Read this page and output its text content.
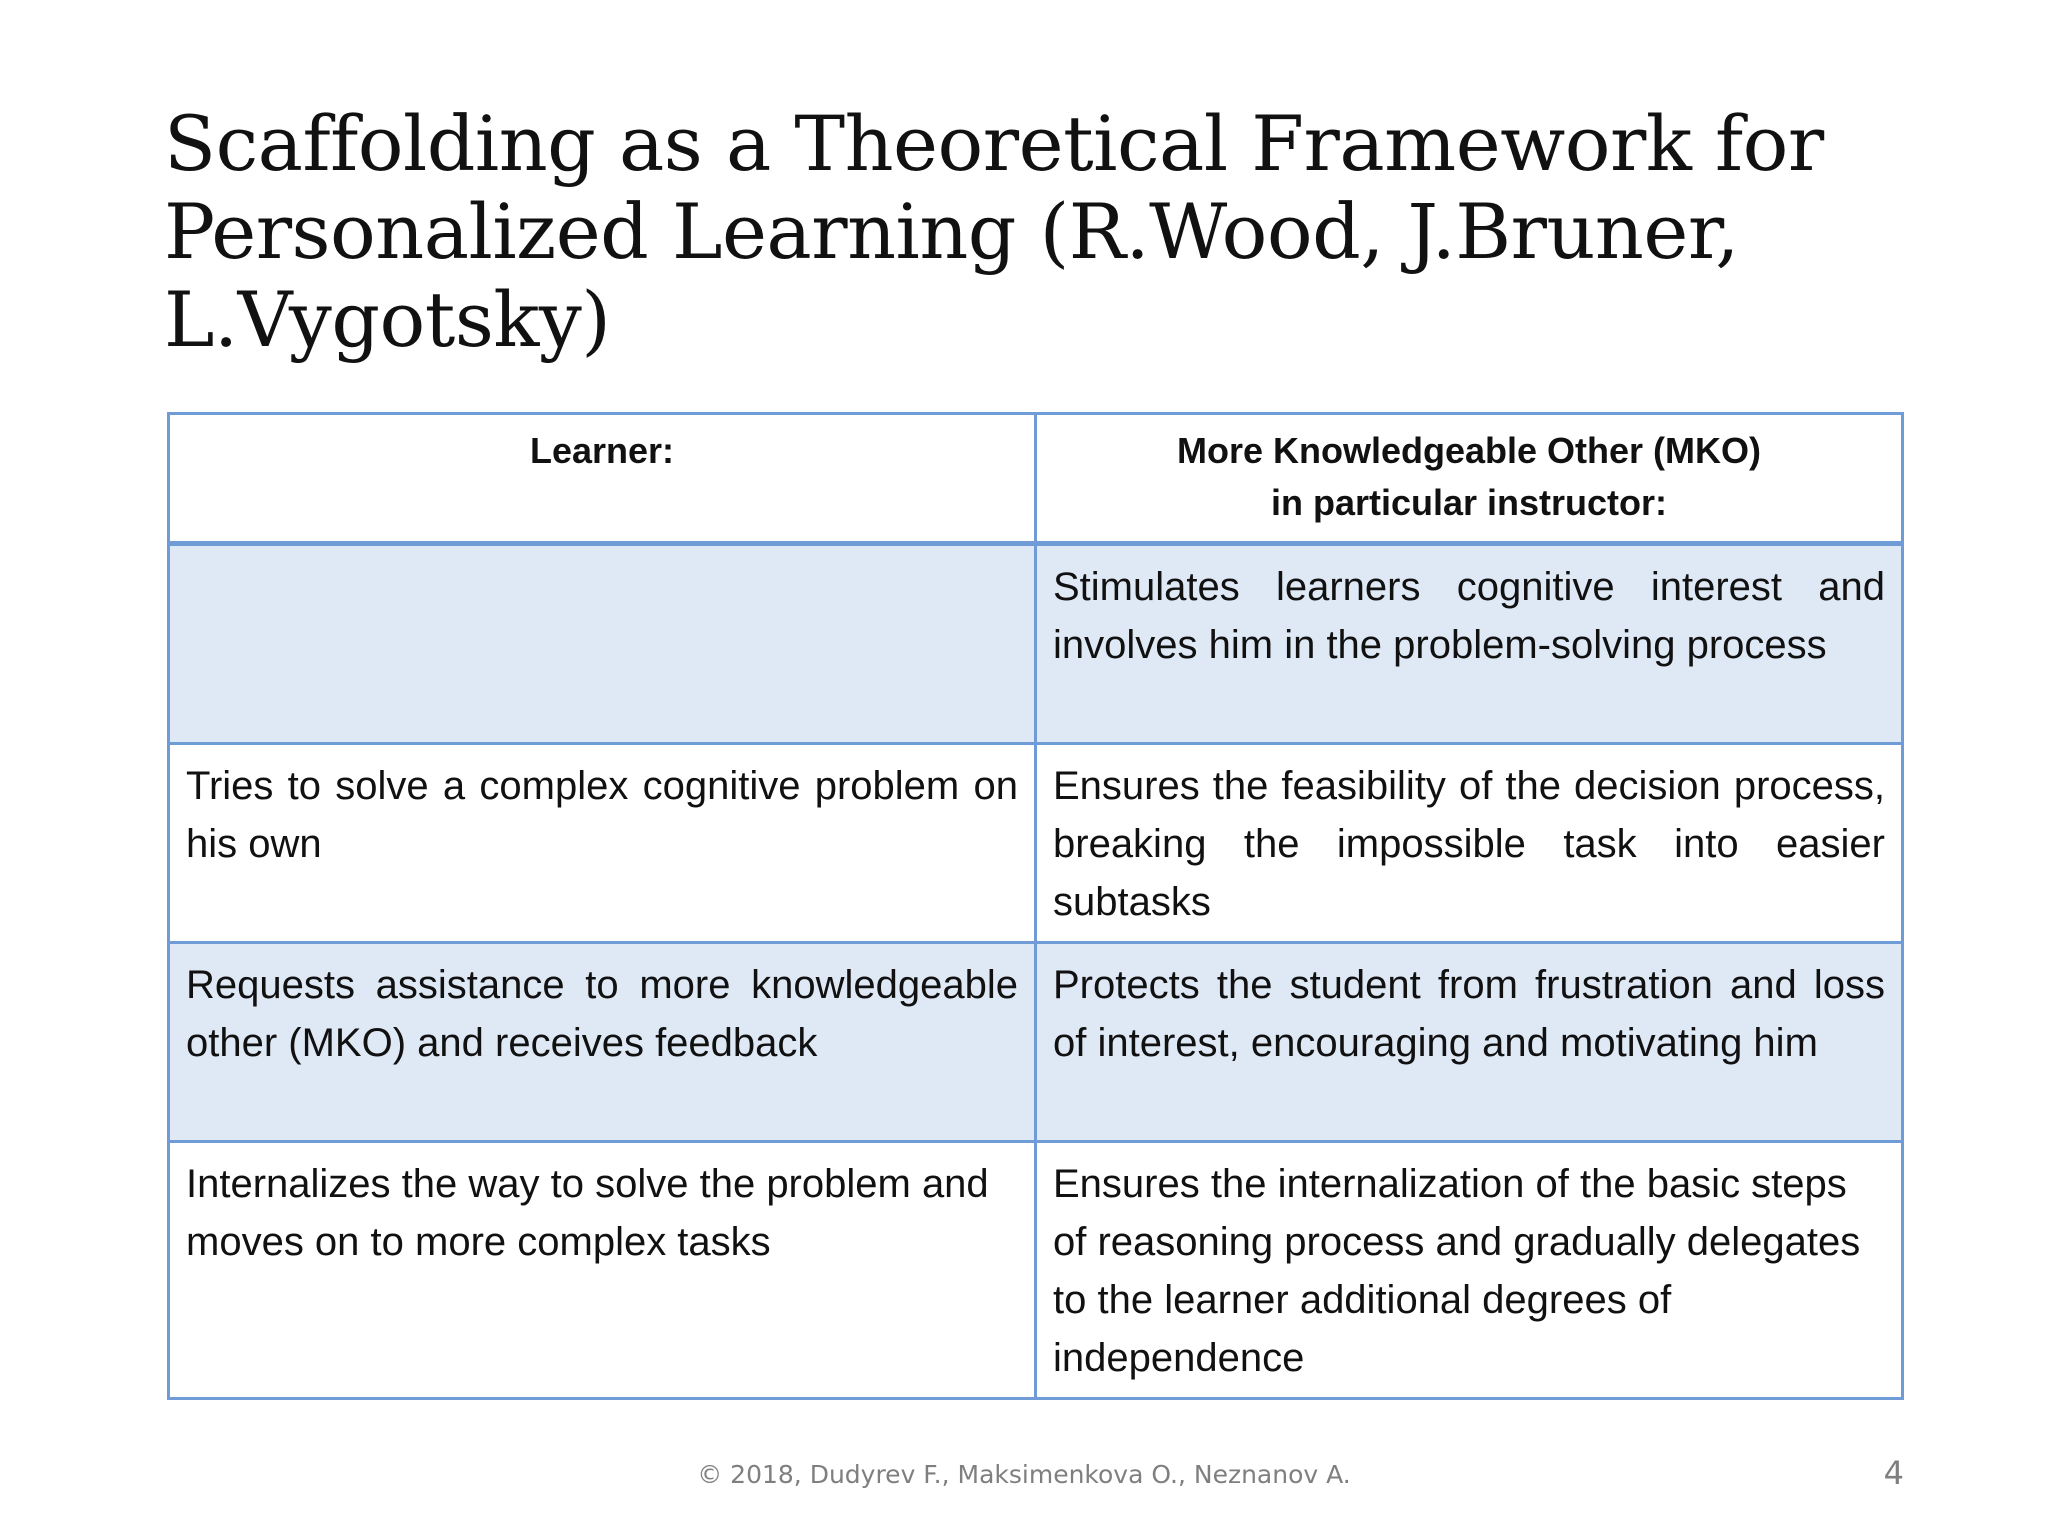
Scaffolding as a Theoretical Framework for
Personalized Learning (R.Wood, J.Bruner,
L.Vygotsky)
Learner:	More Knowledgeable Other (MKO)
in particular instructor:

	Stimulates learners cognitive interest and involves him in the problem-solving process
Tries to solve a complex cognitive problem on his own	Ensures the feasibility of the decision process, breaking the impossible task into easier subtasks
Requests assistance to more knowledgeable other (MKO) and receives feedback	Protects the student from frustration and loss of interest, encouraging and motivating him
Internalizes the way to solve the problem and moves on to more complex tasks	Ensures the internalization of the basic steps of reasoning process and gradually delegates to the learner additional degrees of independence
© 2018, Dudyrev F., Maksimenkova O., Neznanov A.	4
